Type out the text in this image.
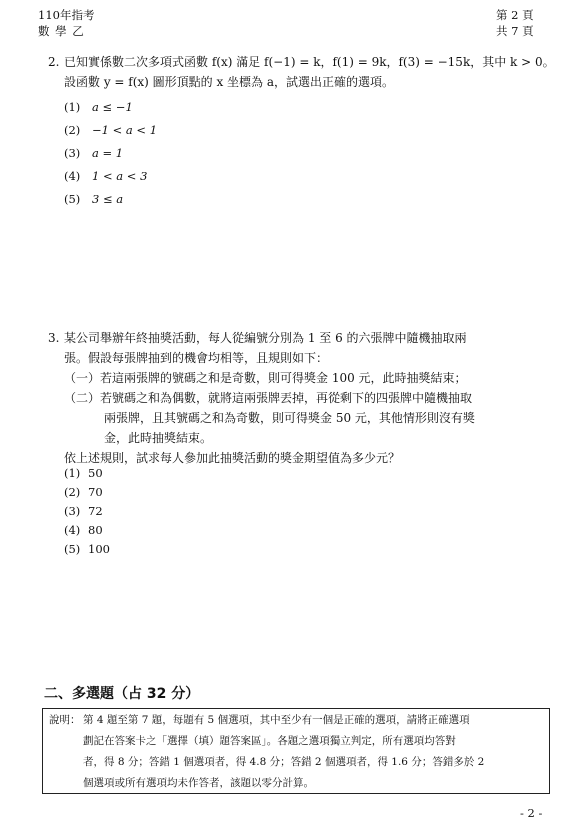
110年指考
數 學 乙
第 2 頁
共 7 頁
2. 已知實係數二次多項式函數 f(x) 滿足 f(−1) = k，f(1) = 9k，f(3) = −15k，其中 k > 0。
設函數 y = f(x) 圖形頂點的 x 坐標為 a，試選出正確的選項。
(1) a ≤ −1
(2) −1 < a < 1
(3) a = 1
(4) 1 < a < 3
(5) 3 ≤ a
3. 某公司舉辦年終抽獎活動，每人從編號分別為 1 至 6 的六張牌中隨機抽取兩
張。假設每張牌抽到的機會均相等，且規則如下：
（一）若這兩張牌的號碼之和是奇數，則可得獎金 100 元，此時抽獎結束；
（二）若號碼之和為偶數，就將這兩張牌丟掉，再從剩下的四張牌中隨機抽取
兩張牌，且其號碼之和為奇數，則可得獎金 50 元，其他情形則沒有獎
金，此時抽獎結束。
依上述規則，試求每人參加此抽獎活動的獎金期望值為多少元？
(1) 50
(2) 70
(3) 72
(4) 80
(5) 100
二、多選題（占 32 分）
說明： 第 4 題至第 7 題，每題有 5 個選項，其中至少有一個是正確的選項，請將正確選項
劃記在答案卡之「選擇（填）題答案區」。各題之選項獨立判定，所有選項均答對
者，得 8 分；答錯 1 個選項者，得 4.8 分；答錯 2 個選項者，得 1.6 分；答錯多於 2
個選項或所有選項均未作答者，該題以零分計算。
- 2 -
